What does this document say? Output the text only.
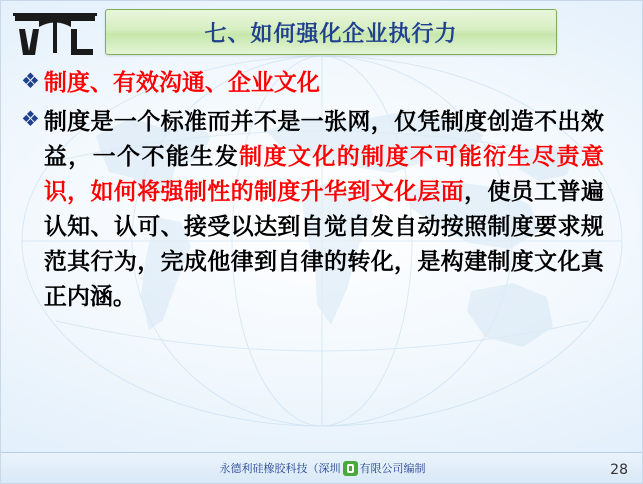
七、如何强化企业执行力
❖ 制度、有效沟通、企业文化
❖ 制度是一个标准而并不是一张网，仅凭制度创造不出效益，一个不能生发制度文化的制度不可能衍生尽责意识，如何将强制性的制度升华到文化层面，使员工普遍认知、认可、接受以达到自觉自发自动按照制度要求规范其行为，完成他律到自律的转化，是构建制度文化真正内涵。
永德利硅橡胶科技（深圳 有限公司编制	28
